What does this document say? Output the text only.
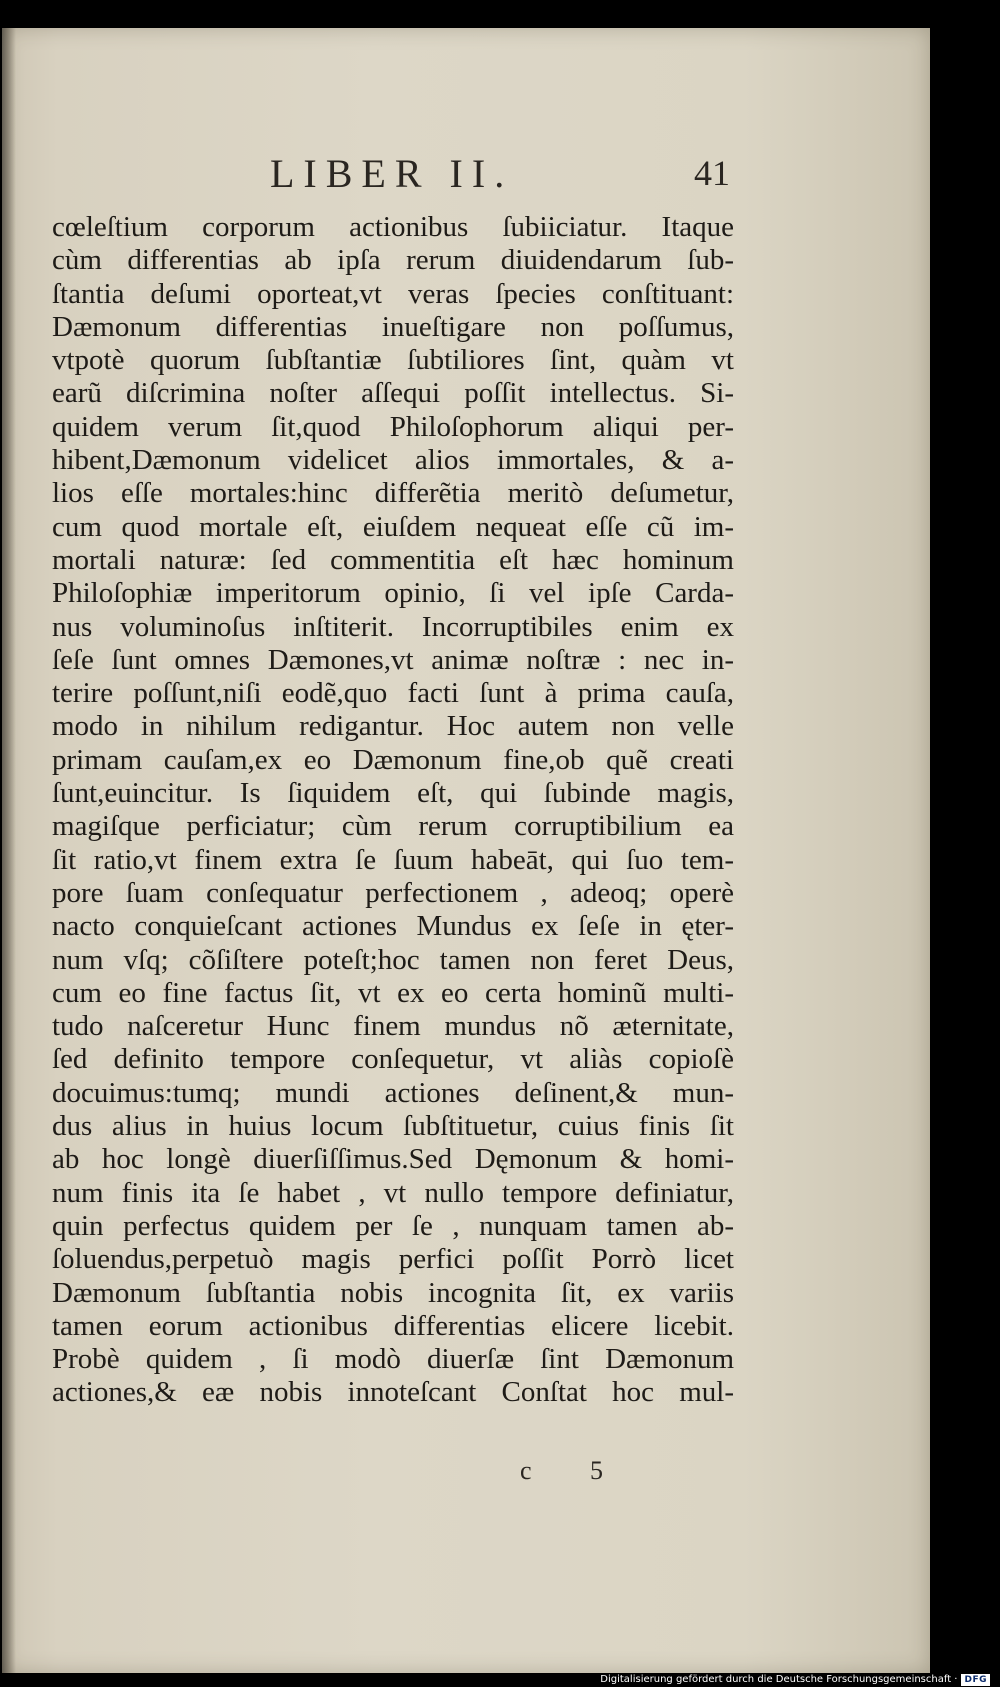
LIBER II.	41
cœleſtium corporum actionibus ſubiiciatur. Itaque
cùm differentias ab ipſa rerum diuidendarum ſub-
ſtantia deſumi oporteat,vt veras ſpecies conſtituant:
Dæmonum differentias inueſtigare non poſſumus,
vtpotè quorum ſubſtantiæ ſubtiliores ſint, quàm vt
earũ diſcrimina noſter aſſequi poſſit intellectus. Si-
quidem verum ſit,quod Philoſophorum aliqui per-
hibent,Dæmonum videlicet alios immortales, & a-
lios eſſe mortales:hinc differẽtia meritò deſumetur,
cum quod mortale eſt, eiuſdem nequeat eſſe cũ im-
mortali naturæ: ſed commentitia eſt hæc hominum
Philoſophiæ imperitorum opinio, ſi vel ipſe Carda-
nus voluminoſus inſtiterit. Incorruptibiles enim ex
ſeſe ſunt omnes Dæmones,vt animæ noſtræ : nec in-
terire poſſunt,niſi eodẽ,quo facti ſunt à prima cauſa,
modo in nihilum redigantur. Hoc autem non velle
primam cauſam,ex eo Dæmonum fine,ob quẽ creati
ſunt,euincitur. Is ſiquidem eſt, qui ſubinde magis,
magiſque perficiatur; cùm rerum corruptibilium ea
ſit ratio,vt finem extra ſe ſuum habeāt, qui ſuo tem-
pore ſuam conſequatur perfectionem , adeoq; operè
nacto conquieſcant actiones Mundus ex ſeſe in ęter-
num vſq; cõſiſtere poteſt;hoc tamen non feret Deus,
cum eo fine factus ſit, vt ex eo certa hominũ multi-
tudo naſceretur Hunc finem mundus nõ æternitate,
ſed definito tempore conſequetur, vt aliàs copioſè
docuimus:tumq; mundi actiones deſinent,& mun-
dus alius in huius locum ſubſtituetur, cuius finis ſit
ab hoc longè diuerſiſſimus.Sed Dęmonum & homi-
num finis ita ſe habet , vt nullo tempore definiatur,
quin perfectus quidem per ſe , nunquam tamen ab-
ſoluendus,perpetuò magis perfici poſſit Porrò licet
Dæmonum ſubſtantia nobis incognita ſit, ex variis
tamen eorum actionibus differentias elicere licebit.
Probè quidem , ſi modò diuerſæ ſint Dæmonum
actiones,& eæ nobis innoteſcant Conſtat hoc mul-
c 5
Digitalisierung gefördert durch die Deutsche Forschungsgemeinschaft · DFG
